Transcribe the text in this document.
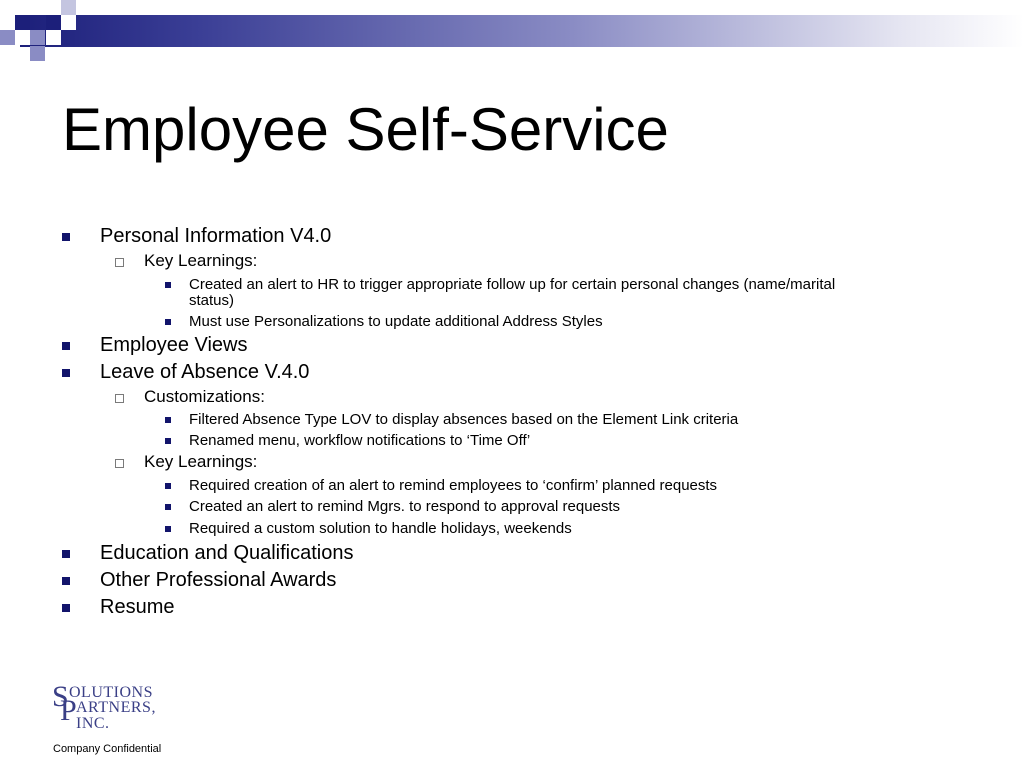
Employee Self-Service
Personal Information V4.0
Key Learnings:
Created an alert to HR to trigger appropriate follow up for certain personal changes (name/marital
status)
Must use Personalizations to update additional Address Styles
Employee Views
Leave of Absence V.4.0
Customizations:
Filtered Absence Type LOV to display absences based on the Element Link criteria
Renamed menu, workflow notifications to ‘Time Off’
Key Learnings:
Required creation of an alert to remind employees to ‘confirm’ planned requests
Created an alert to remind Mgrs. to respond to approval requests
Required a custom solution to handle holidays, weekends
Education and Qualifications
Other Professional Awards
Resume
S OLUTIONS
P ARTNERS, INC.
Company Confidential
